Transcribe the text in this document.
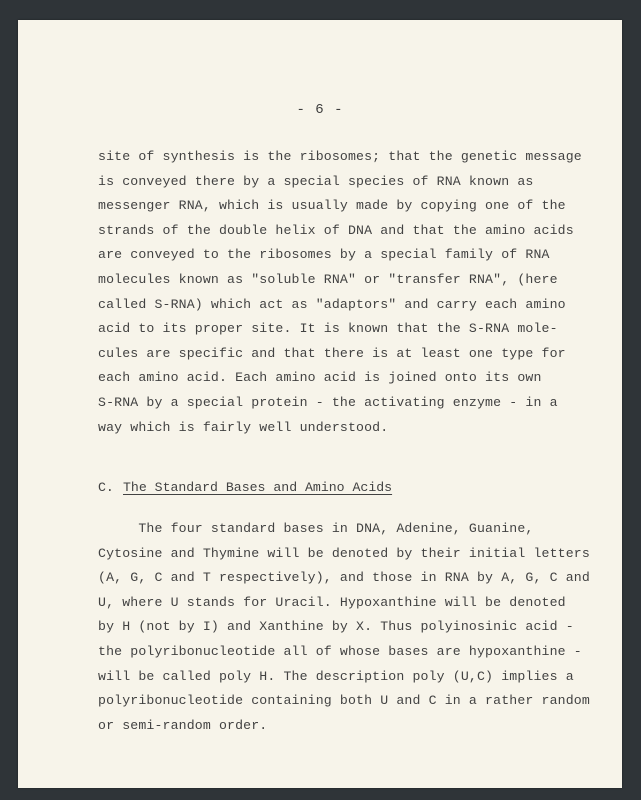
- 6 -

site of synthesis is the ribosomes; that the genetic message
is conveyed there by a special species of RNA known as
messenger RNA, which is usually made by copying one of the
strands of the double helix of DNA and that the amino acids
are conveyed to the ribosomes by a special family of RNA
molecules known as "soluble RNA" or "transfer RNA", (here
called S-RNA) which act as "adaptors" and carry each amino
acid to its proper site. It is known that the S-RNA mole-
cules are specific and that there is at least one type for
each amino acid. Each amino acid is joined onto its own
S-RNA by a special protein - the activating enzyme - in a
way which is fairly well understood.

C. The Standard Bases and Amino Acids

The four standard bases in DNA, Adenine, Guanine,
Cytosine and Thymine will be denoted by their initial letters
(A, G, C and T respectively), and those in RNA by A, G, C and
U, where U stands for Uracil. Hypoxanthine will be denoted
by H (not by I) and Xanthine by X. Thus polyinosinic acid -
the polyribonucleotide all of whose bases are hypoxanthine -
will be called poly H. The description poly (U,C) implies a
polyribonucleotide containing both U and C in a rather random
or semi-random order.
